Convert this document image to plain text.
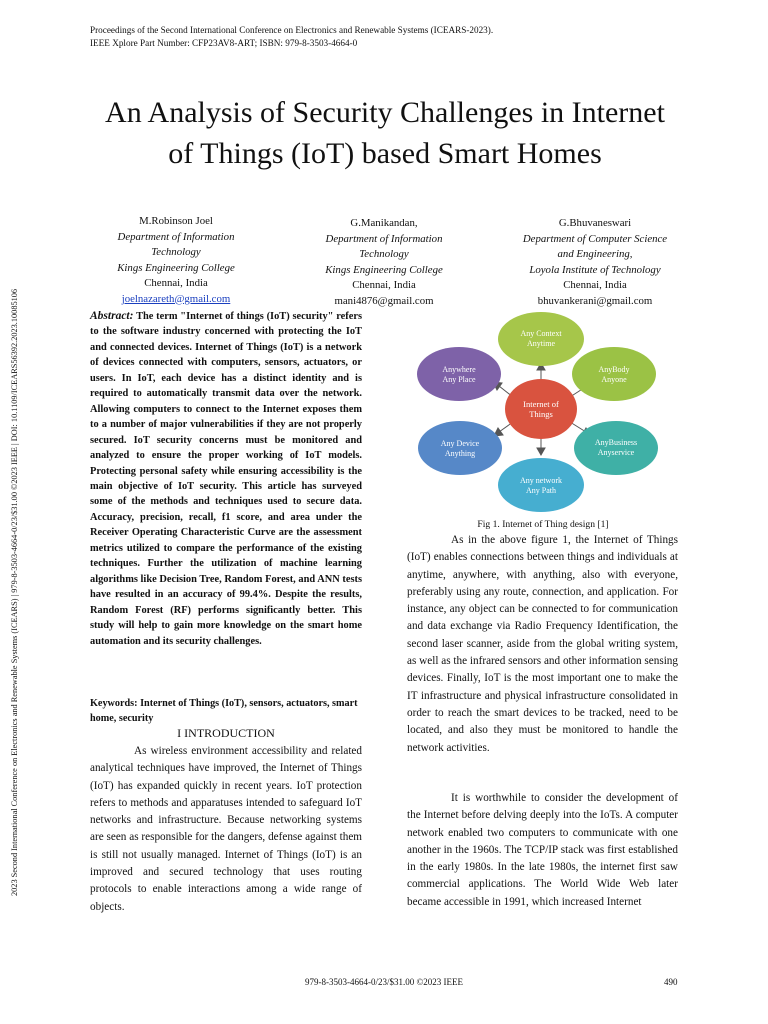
Proceedings of the Second International Conference on Electronics and Renewable Systems (ICEARS-2023).
IEEE Xplore Part Number: CFP23AV8-ART; ISBN: 979-8-3503-4664-0
2023 Second International Conference on Electronics and Renewable Systems (ICEARS) | 979-8-3503-4664-0/23/$31.00 ©2023 IEEE | DOI: 10.1109/ICEARS56392.2023.10085106
An Analysis of Security Challenges in Internet
of Things (IoT) based Smart Homes
M.Robinson Joel
Department of Information
Technology
Kings Engineering College
Chennai, India
joelnazareth@gmail.com
G.Manikandan,
Department of Information
Technology
Kings Engineering College
Chennai, India
mani4876@gmail.com
G.Bhuvaneswari
Department of Computer Science
and Engineering,
Loyola Institute of Technology
Chennai, India
bhuvankerani@gmail.com
Abstract: The term "Internet of things (IoT) security" refers to the software industry concerned with protecting the IoT and connected devices. Internet of Things (IoT) is a network of devices connected with computers, sensors, actuators, or users. In IoT, each device has a distinct identity and is required to automatically transmit data over the network. Allowing computers to connect to the Internet exposes them to a number of major vulnerabilities if they are not properly secured. IoT security concerns must be monitored and analyzed to ensure the proper working of IoT models. Protecting personal safety while ensuring accessibility is the main objective of IoT security. This article has surveyed some of the methods and techniques used to secure data. Accuracy, precision, recall, f1 score, and area under the Receiver Operating Characteristic Curve are the assessment metrics utilized to compare the performance of the existing techniques. Further the utilization of machine learning algorithms like Decision Tree, Random Forest, and ANN tests have resulted in an accuracy of 99.4%. Despite the results, Random Forest (RF) performs significantly better. This study will help to gain more knowledge on the smart home automation and its security challenges.
Keywords: Internet of Things (IoT), sensors, actuators, smart home, security
I INTRODUCTION

As wireless environment accessibility and related analytical techniques have improved, the Internet of Things (IoT) has expanded quickly in recent years. IoT protection refers to methods and apparatuses intended to safeguard IoT networks and infrastructure. Because networking systems are seen as responsible for the dangers, defense against them is still not usually managed. Internet of Things (IoT) is an improved and secured technology that uses routing protocols to enable interactions among a wide range of objects.

Any Context
Anytime
AnyBody
Anyone
AnyBusiness
Anyservice
Any network
Any Path
Any Device
Anything
Anywhere
Any Place
Internet of
Things
Fig 1. Internet of Thing design [1]

As in the above figure 1, the Internet of Things (IoT) enables connections between things and individuals at anytime, anywhere, with anything, also with everyone, preferably using any route, connection, and application. For instance, any object can be connected to for communication and data exchange via Radio Frequency Identification, the second laser scanner, aside from the global writing system, as well as the infrared sensors and other information sensing devices. Finally, IoT is the most important one to make the IT infrastructure and physical infrastructure consolidated in order to reach the smart devices to be tracked, need to be located, and also they must be monitored to handle the network activities.

It is worthwhile to consider the development of the Internet before delving deeply into the IoTs. A computer network enabled two computers to communicate with one another in the 1960s. The TCP/IP stack was first established in the early 1980s. In the late 1980s, the internet first saw commercial applications. The World Wide Web later became accessible in 1991, which increased Internet

979-8-3503-4664-0/23/$31.00 ©2023 IEEE	490
